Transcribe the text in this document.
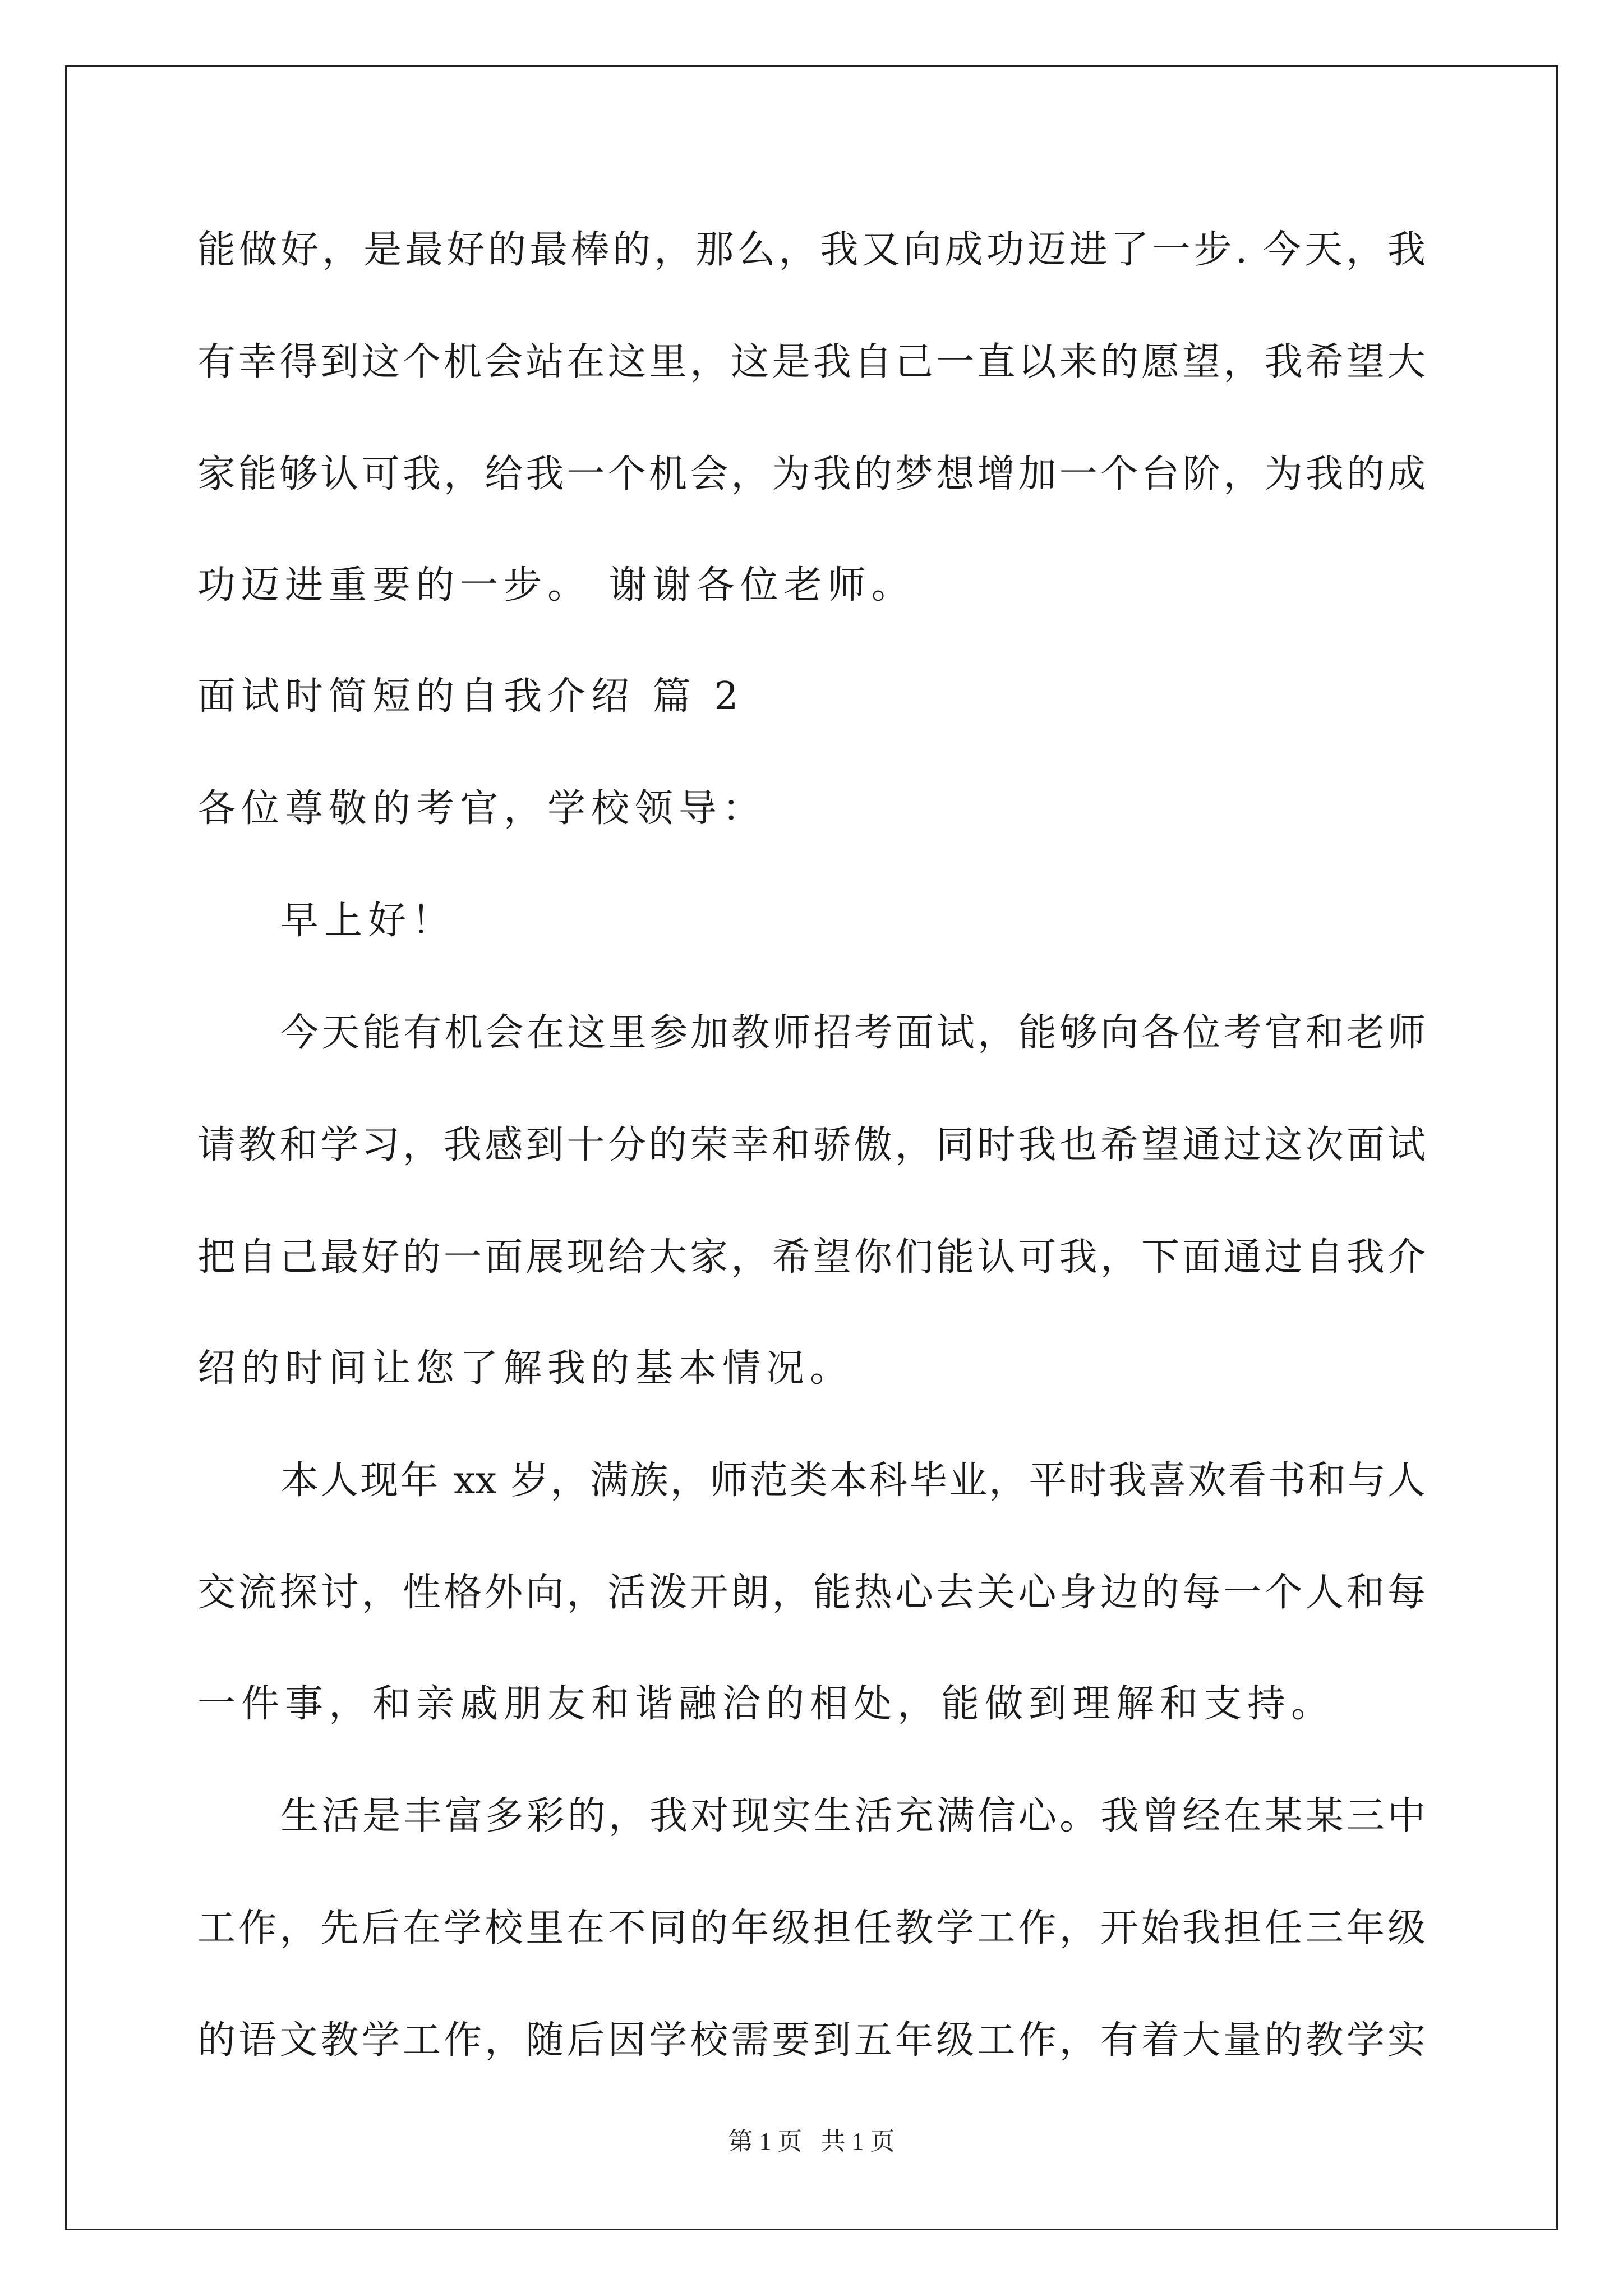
能做好，是最好的最棒的，那么，我又向成功迈进了一步. 今天，我
有幸得到这个机会站在这里，这是我自己一直以来的愿望，我希望大
家能够认可我，给我一个机会，为我的梦想增加一个台阶，为我的成
功迈进重要的一步。 谢谢各位老师。
面试时简短的自我介绍 篇 2
各位尊敬的考官，学校领导：
早上好！
今天能有机会在这里参加教师招考面试，能够向各位考官和老师
请教和学习，我感到十分的荣幸和骄傲，同时我也希望通过这次面试
把自己最好的一面展现给大家，希望你们能认可我，下面通过自我介
绍的时间让您了解我的基本情况。
本人现年 xx 岁，满族，师范类本科毕业，平时我喜欢看书和与人
交流探讨，性格外向，活泼开朗，能热心去关心身边的每一个人和每
一件事，和亲戚朋友和谐融洽的相处，能做到理解和支持。
生活是丰富多彩的，我对现实生活充满信心。我曾经在某某三中
工作，先后在学校里在不同的年级担任教学工作，开始我担任三年级
的语文教学工作，随后因学校需要到五年级工作，有着大量的教学实
第 1 页   共 1 页
